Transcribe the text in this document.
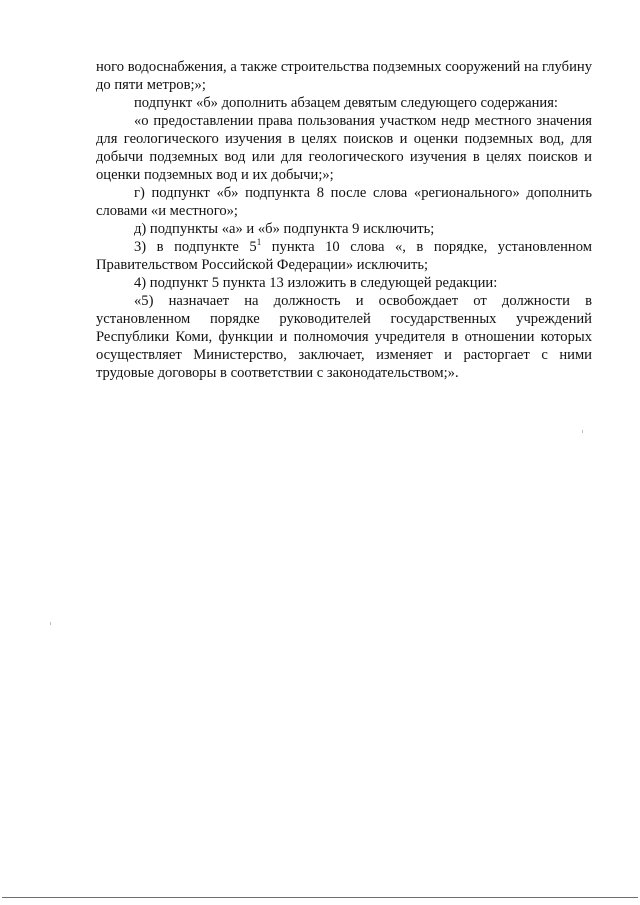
ного водоснабжения, а также строительства подземных сооружений на глубину до пяти метров;»;

подпункт «б» дополнить абзацем девятым следующего содержания:

«о предоставлении права пользования участком недр местного значения для геологического изучения в целях поисков и оценки подземных вод, для добычи подземных вод или для геологического изучения в целях поисков и оценки подземных вод и их добычи;»;

г) подпункт «б» подпункта 8 после слова «регионального» дополнить словами «и местного»;

д) подпункты «а» и «б» подпункта 9 исключить;

3) в подпункте $5^1$ пункта 10 слова «, в порядке, установленном Правительством Российской Федерации» исключить;

4) подпункт 5 пункта 13 изложить в следующей редакции:

«5) назначает на должность и освобождает от должности в установленном порядке руководителей государственных учреждений Республики Коми, функции и полномочия учредителя в отношении которых осуществляет Министерство, заключает, изменяет и расторгает с ними трудовые договоры в соответствии с законодательством;».
